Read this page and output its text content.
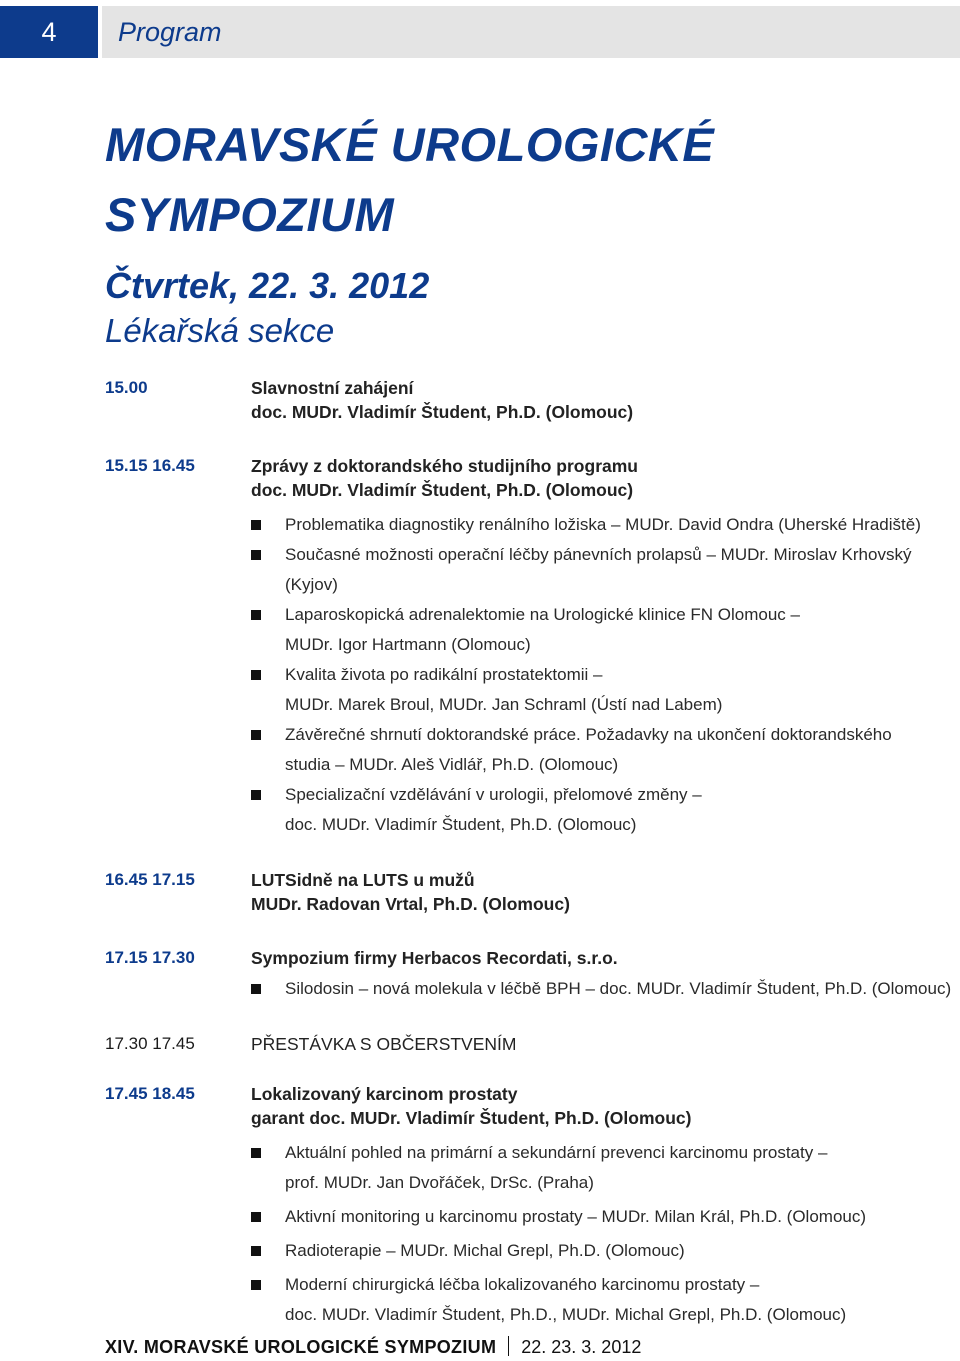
4	Program
MORAVSKÉ UROLOGICKÉ
SYMPOZIUM
Čtvrtek, 22. 3. 2012
Lékařská sekce
15.00	Slavnostní zahájení
doc. MUDr. Vladimír Študent, Ph.D. (Olomouc)
15.15 16.45	Zprávy z doktorandského studijního programu
doc. MUDr. Vladimír Študent, Ph.D. (Olomouc)
Problematika diagnostiky renálního ložiska – MUDr. David Ondra (Uherské Hradiště)
Současné možnosti operační léčby pánevních prolapsů – MUDr. Miroslav Krhovský (Kyjov)
Laparoskopická adrenalektomie na Urologické klinice FN Olomouc –
MUDr. Igor Hartmann (Olomouc)
Kvalita života po radikální prostatektomii –
MUDr. Marek Broul, MUDr. Jan Schraml (Ústí nad Labem)
Závěrečné shrnutí doktorandské práce. Požadavky na ukončení doktorandského
studia – MUDr. Aleš Vidlář, Ph.D. (Olomouc)
Specializační vzdělávání v urologii, přelomové změny –
doc. MUDr. Vladimír Študent, Ph.D. (Olomouc)
16.45 17.15	LUTSidně na LUTS u mužů
MUDr. Radovan Vrtal, Ph.D. (Olomouc)
17.15 17.30	Sympozium firmy Herbacos Recordati, s.r.o.
Silodosin – nová molekula v léčbě BPH – doc. MUDr. Vladimír Študent, Ph.D. (Olomouc)
17.30 17.45	PŘESTÁVKA S OBČERSTVENÍM
17.45 18.45	Lokalizovaný karcinom prostaty
garant doc. MUDr. Vladimír Študent, Ph.D. (Olomouc)
Aktuální pohled na primární a sekundární prevenci karcinomu prostaty –
prof. MUDr. Jan Dvořáček, DrSc. (Praha)
Aktivní monitoring u karcinomu prostaty – MUDr. Milan Král, Ph.D. (Olomouc)
Radioterapie – MUDr. Michal Grepl, Ph.D. (Olomouc)
Moderní chirurgická léčba lokalizovaného karcinomu prostaty –
doc. MUDr. Vladimír Študent, Ph.D., MUDr. Michal Grepl, Ph.D. (Olomouc)
XIV. MORAVSKÉ UROLOGICKÉ SYMPOZIUM 22. 23. 3. 2012
